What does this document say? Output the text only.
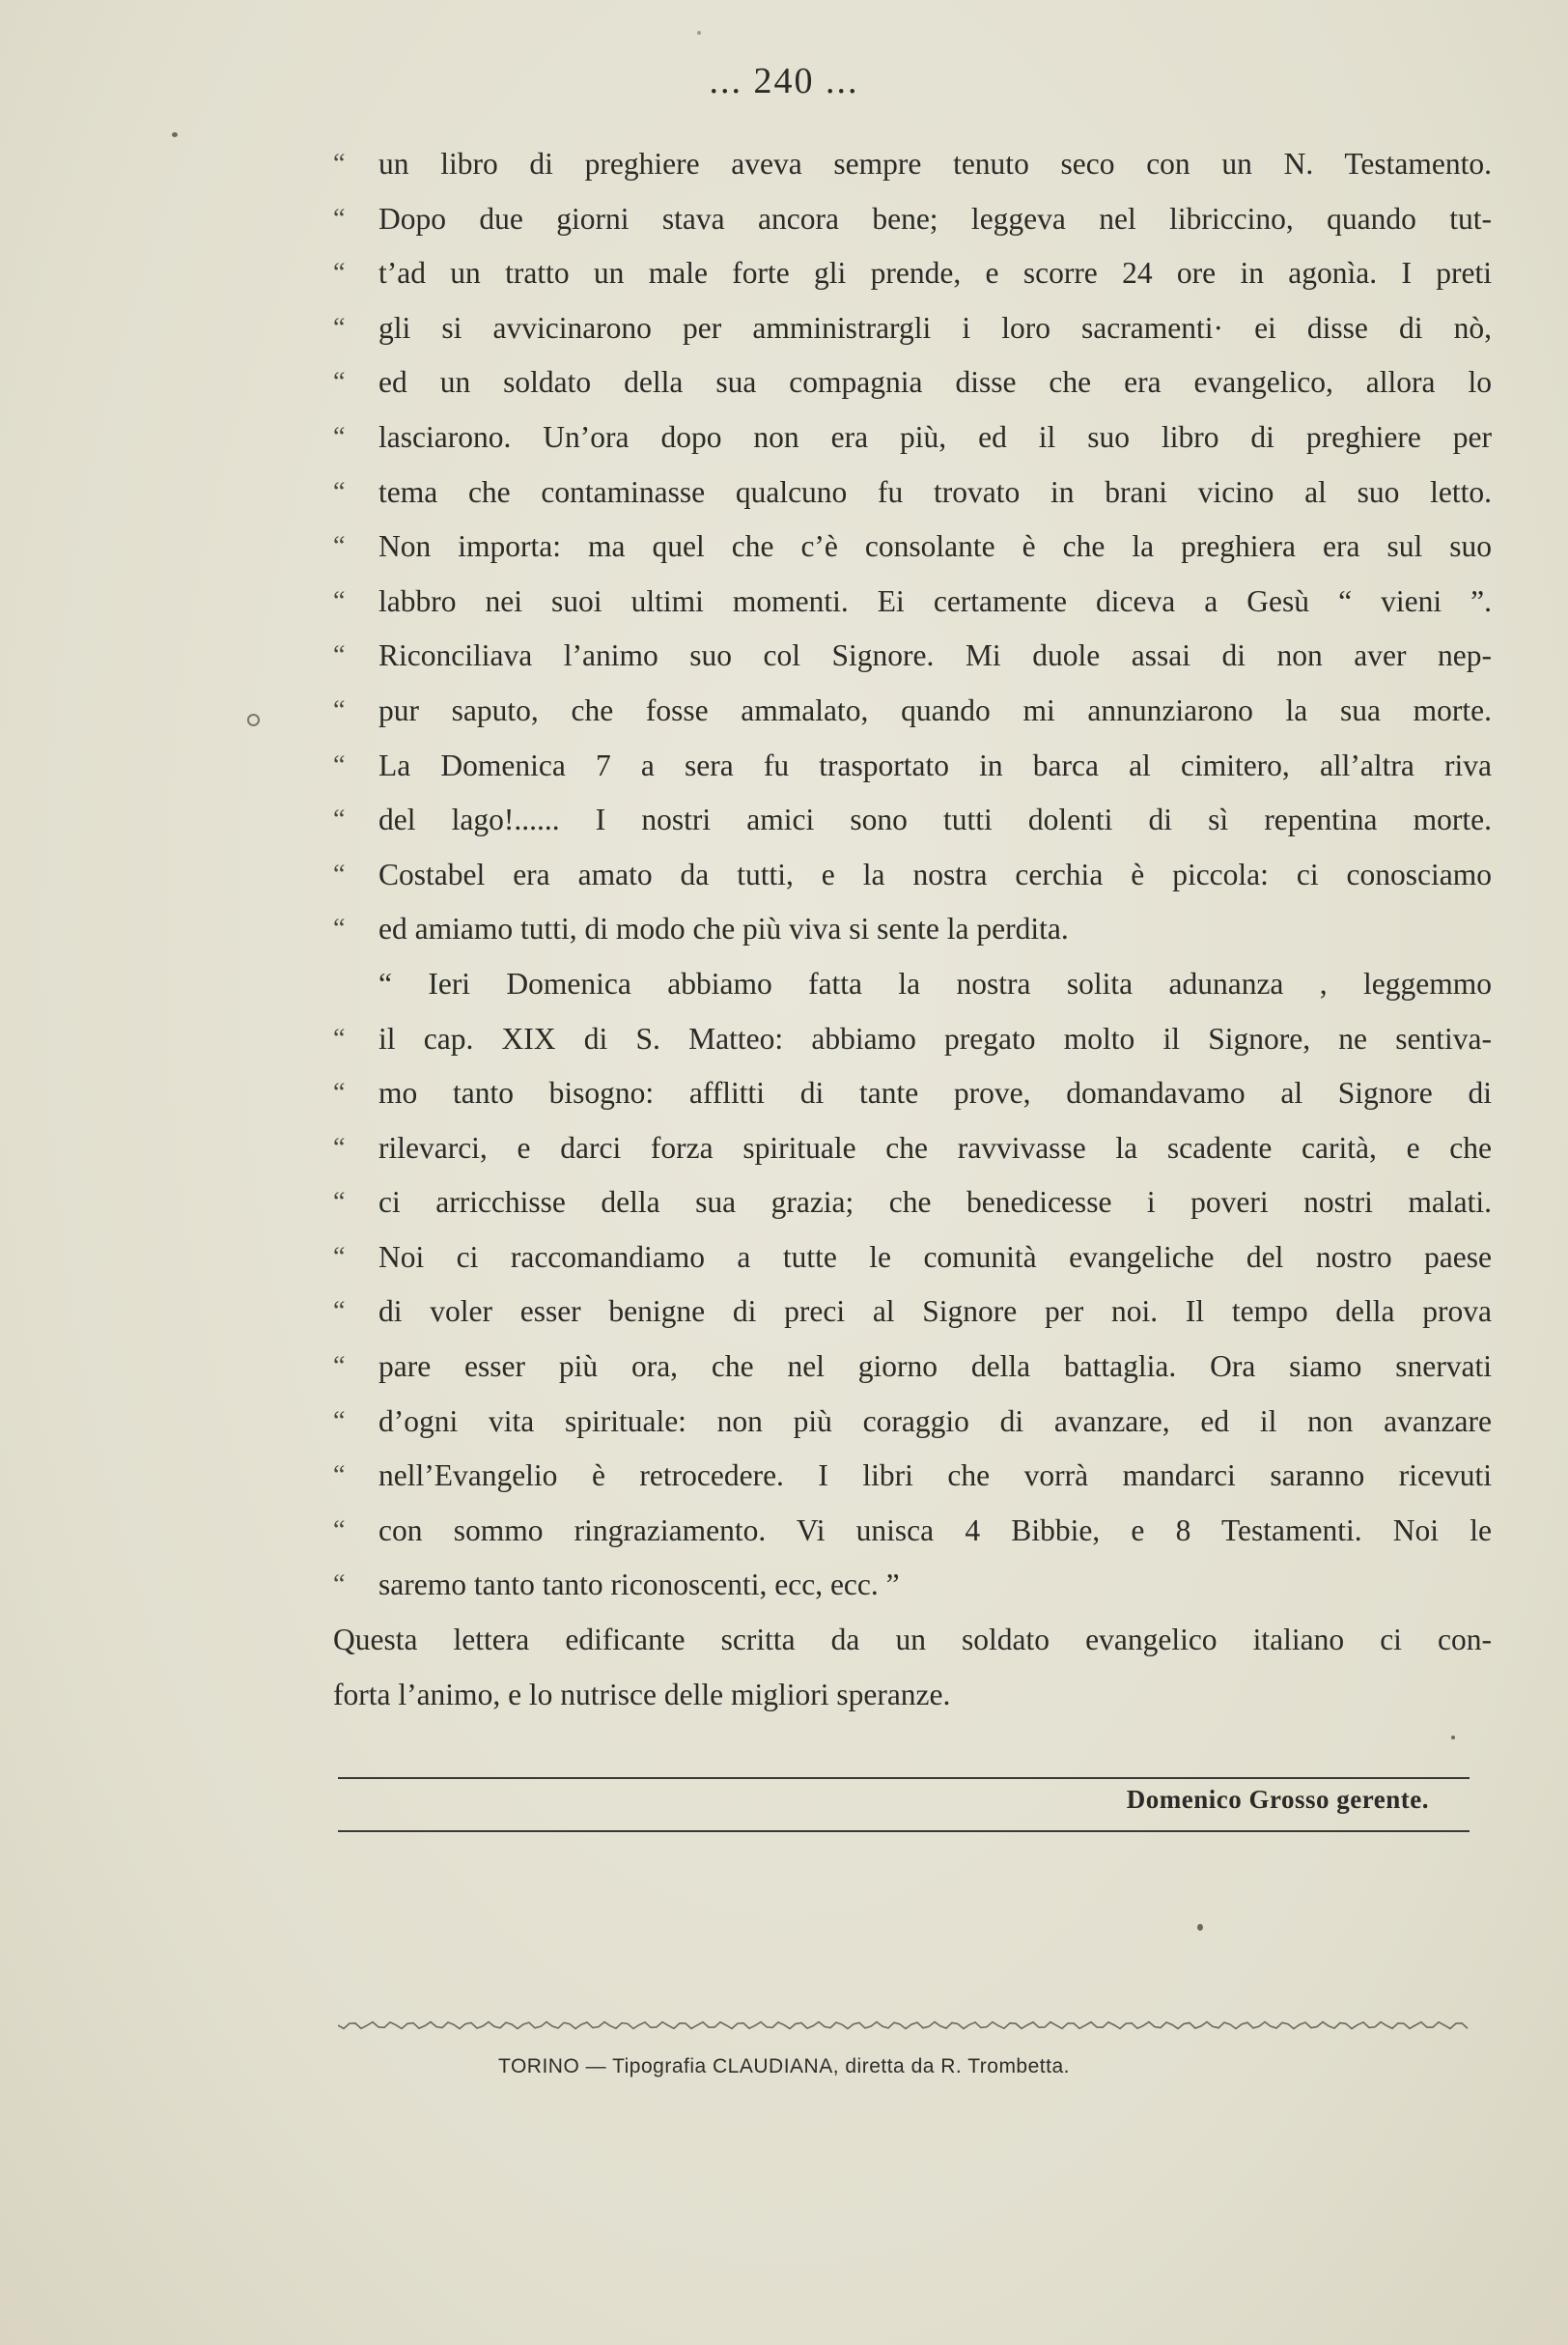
... 240 ...
“ un libro di preghiere aveva sempre tenuto seco con un N. Testamento.
“ Dopo due giorni stava ancora bene; leggeva nel libriccino, quando tut-
“ t’ad un tratto un male forte gli prende, e scorre 24 ore in agonìa. I preti
“ gli si avvicinarono per amministrargli i loro sacramenti· ei disse di nò,
“ ed un soldato della sua compagnia disse che era evangelico, allora lo
“ lasciarono. Un’ora dopo non era più, ed il suo libro di preghiere per
“ tema che contaminasse qualcuno fu trovato in brani vicino al suo letto.
“ Non importa: ma quel che c’è consolante è che la preghiera era sul suo
“ labbro nei suoi ultimi momenti. Ei certamente diceva a Gesù “ vieni ”.
“ Riconciliava l’animo suo col Signore. Mi duole assai di non aver nep-
“ pur saputo, che fosse ammalato, quando mi annunziarono la sua morte.
“ La Domenica 7 a sera fu trasportato in barca al cimitero, all’altra riva
“ del lago!...... I nostri amici sono tutti dolenti di sì repentina morte.
“ Costabel era amato da tutti, e la nostra cerchia è piccola: ci conosciamo
“ ed amiamo tutti, di modo che più viva si sente la perdita.
“ Ieri Domenica abbiamo fatta la nostra solita adunanza , leggemmo
“ il cap. XIX di S. Matteo: abbiamo pregato molto il Signore, ne sentiva-
“ mo tanto bisogno: afflitti di tante prove, domandavamo al Signore di
“ rilevarci, e darci forza spirituale che ravvivasse la scadente carità, e che
“ ci arricchisse della sua grazia; che benedicesse i poveri nostri malati.
“ Noi ci raccomandiamo a tutte le comunità evangeliche del nostro paese
“ di voler esser benigne di preci al Signore per noi. Il tempo della prova
“ pare esser più ora, che nel giorno della battaglia. Ora siamo snervati
“ d’ogni vita spirituale: non più coraggio di avanzare, ed il non avanzare
“ nell’Evangelio è retrocedere. I libri che vorrà mandarci saranno ricevuti
“ con sommo ringraziamento. Vi unisca 4 Bibbie, e 8 Testamenti. Noi le
“ saremo tanto tanto riconoscenti, ecc, ecc. ”
Questa lettera edificante scritta da un soldato evangelico italiano ci con-
forta l’animo, e lo nutrisce delle migliori speranze.
Domenico Grosso gerente.
TORINO — Tipografia CLAUDIANA, diretta da R. Trombetta.
